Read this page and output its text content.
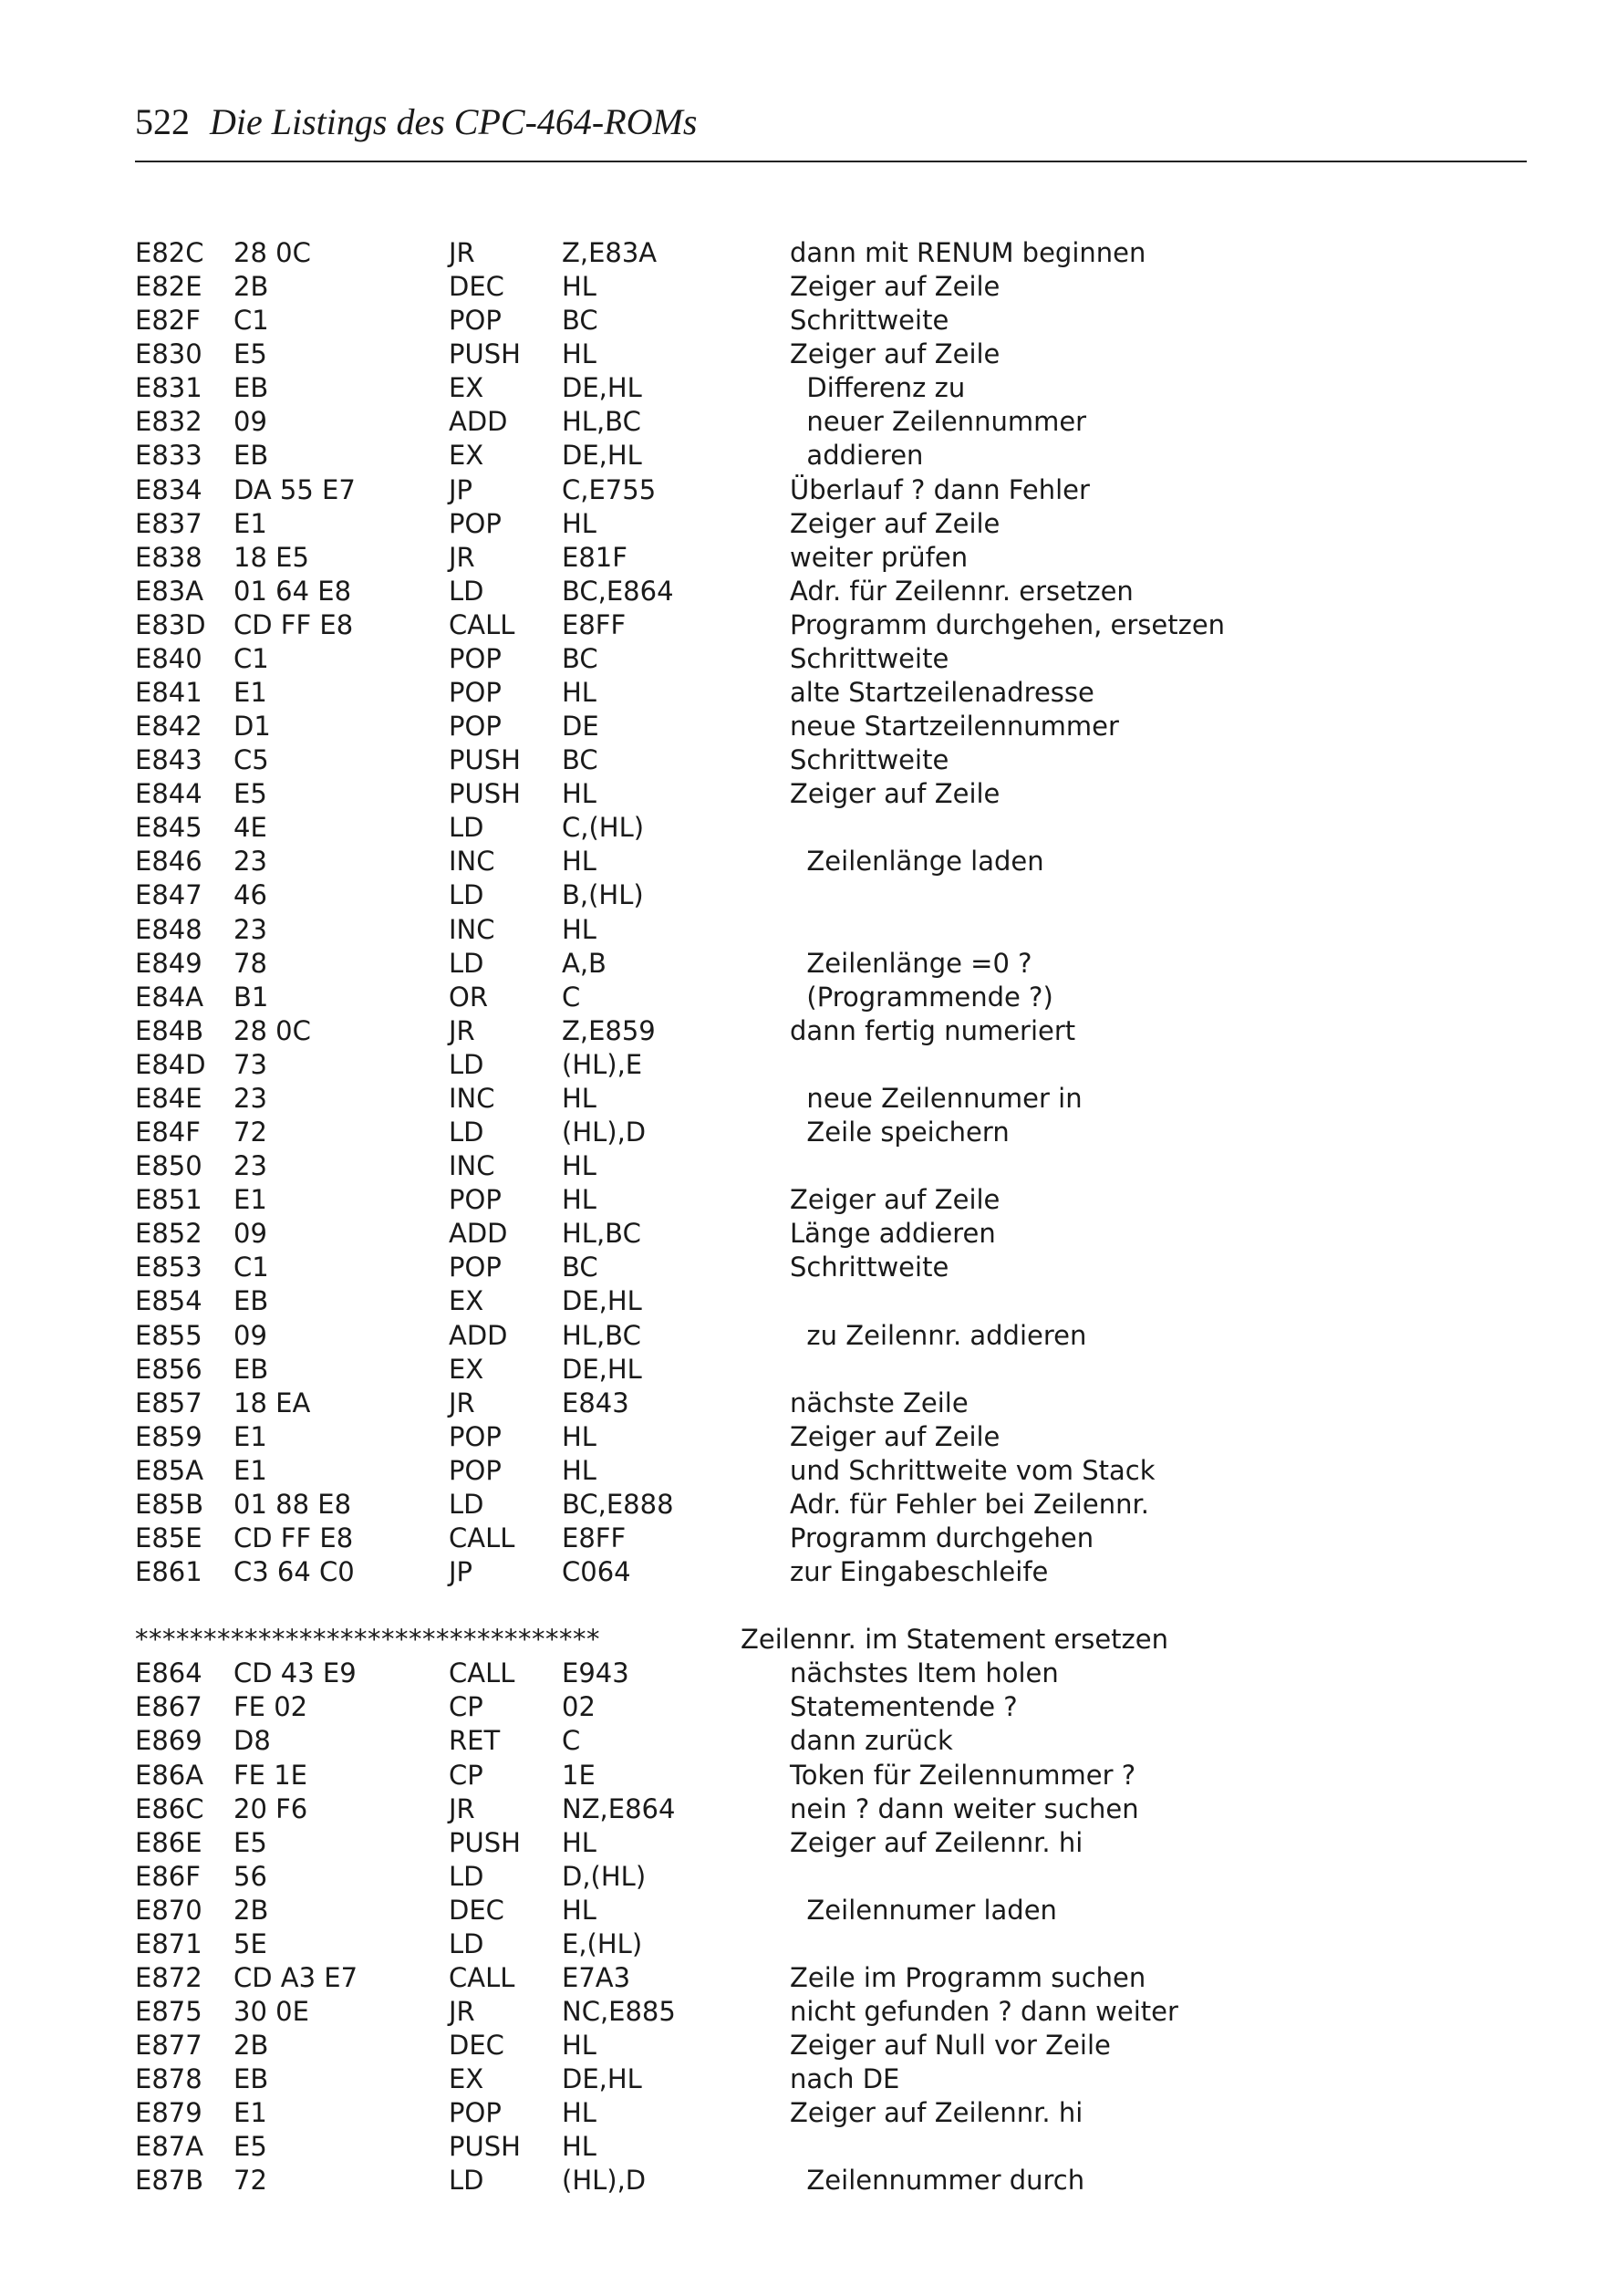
522 Die Listings des CPC-464-ROMs
E82C 28 0C	JR	Z,E83A	dann mit RENUM beginnen
E82E 2B	DEC HL	Zeiger auf Zeile
E82F C1	POP BC	Schrittweite
E830 E5	PUSH HL	Zeiger auf Zeile
E831 EB	EX	DE,HL	Differenz zu
E832 09	ADD HL,BC	neuer Zeilennummer
E833 EB	EX	DE,HL	addieren
E834 DA 55 E7	JP	C,E755	Überlauf ? dann Fehler
E837 E1	POP HL	Zeiger auf Zeile
E838 18 E5	JR	E81F	weiter prüfen
E83A 01 64 E8	LD	BC,E864	Adr. für Zeilennr. ersetzen
E83D CD FF E8	CALL E8FF	Programm durchgehen, ersetzen
E840 C1	POP BC	Schrittweite
E841 E1	POP HL	alte Startzeilenadresse
E842 D1	POP DE	neue Startzeilennummer
E843 C5	PUSH BC	Schrittweite
E844 E5	PUSH HL	Zeiger auf Zeile
E845 4E	LD	C,(HL)
E846 23	INC	HL	Zeilenlänge laden
E847 46	LD	B,(HL)
E848 23	INC	HL
E849 78	LD	A,B	Zeilenlänge =0 ?
E84A B1	OR	C	(Programmende ?)
E84B 28 0C	JR	Z,E859	dann fertig numeriert
E84D 73	LD	(HL),E
E84E 23	INC	HL	neue Zeilennumer in
E84F 72	LD	(HL),D	Zeile speichern
E850 23	INC	HL
E851 E1	POP HL	Zeiger auf Zeile
E852 09	ADD HL,BC	Länge addieren
E853 C1	POP BC	Schrittweite
E854 EB	EX	DE,HL
E855 09	ADD HL,BC	zu Zeilennr. addieren
E856 EB	EX	DE,HL
E857 18 EA	JR	E843	nächste Zeile
E859 E1	POP HL	Zeiger auf Zeile
E85A E1	POP HL	und Schrittweite vom Stack
E85B 01 88 E8	LD	BC,E888	Adr. für Fehler bei Zeilennr.
E85E CD FF E8	CALL E8FF	Programm durchgehen
E861 C3 64 C0	JP	C064	zur Eingabeschleife
**********************************	Zeilennr. im Statement ersetzen
E864 CD 43 E9	CALL E943	nächstes Item holen
E867 FE 02	CP	02	Statementende ?
E869 D8	RET C	dann zurück
E86A FE 1E	CP	1E	Token für Zeilennummer ?
E86C 20 F6	JR	NZ,E864	nein ? dann weiter suchen
E86E E5	PUSH HL	Zeiger auf Zeilennr. hi
E86F 56	LD	D,(HL)
E870 2B	DEC HL	Zeilennumer laden
E871 5E	LD	E,(HL)
E872 CD A3 E7	CALL E7A3	Zeile im Programm suchen
E875 30 0E	JR	NC,E885	nicht gefunden ? dann weiter
E877 2B	DEC HL	Zeiger auf Null vor Zeile
E878 EB	EX	DE,HL	nach DE
E879 E1	POP HL	Zeiger auf Zeilennr. hi
E87A E5	PUSH HL
E87B 72	LD	(HL),D	Zeilennummer durch
